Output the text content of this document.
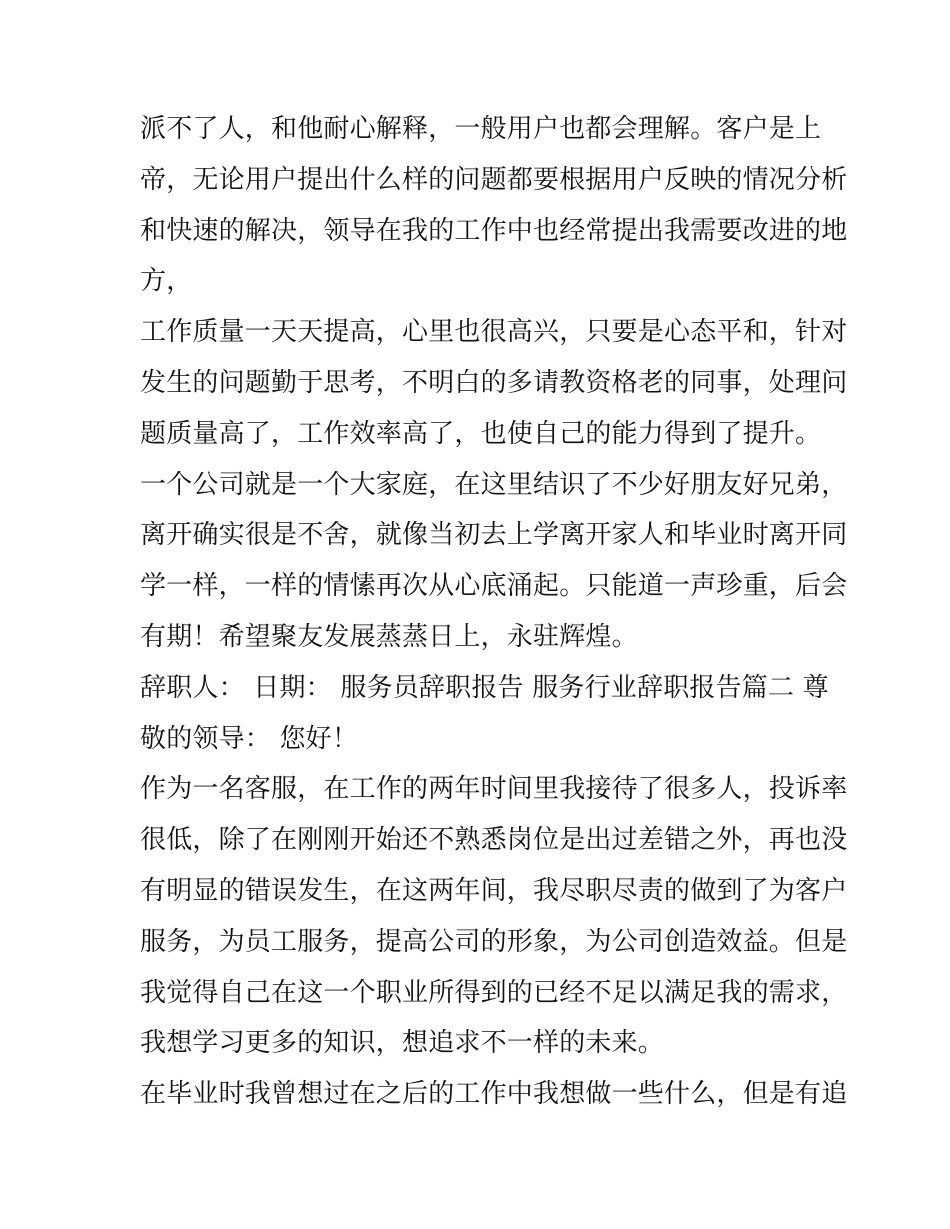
派不了人，和他耐心解释，一般用户也都会理解。客户是上
帝，无论用户提出什么样的问题都要根据用户反映的情况分析
和快速的解决，领导在我的工作中也经常提出我需要改进的地
方，
工作质量一天天提高，心里也很高兴，只要是心态平和，针对
发生的问题勤于思考，不明白的多请教资格老的同事，处理问
题质量高了，工作效率高了，也使自己的能力得到了提升。
一个公司就是一个大家庭，在这里结识了不少好朋友好兄弟，
离开确实很是不舍，就像当初去上学离开家人和毕业时离开同
学一样，一样的情愫再次从心底涌起。只能道一声珍重，后会
有期！希望聚友发展蒸蒸日上，永驻辉煌。
辞职人： 日期： 服务员辞职报告 服务行业辞职报告篇二 尊
敬的领导： 您好！
作为一名客服，在工作的两年时间里我接待了很多人，投诉率
很低，除了在刚刚开始还不熟悉岗位是出过差错之外，再也没
有明显的错误发生，在这两年间，我尽职尽责的做到了为客户
服务，为员工服务，提高公司的形象，为公司创造效益。但是
我觉得自己在这一个职业所得到的已经不足以满足我的需求，
我想学习更多的知识，想追求不一样的未来。
在毕业时我曾想过在之后的工作中我想做一些什么，但是有追
